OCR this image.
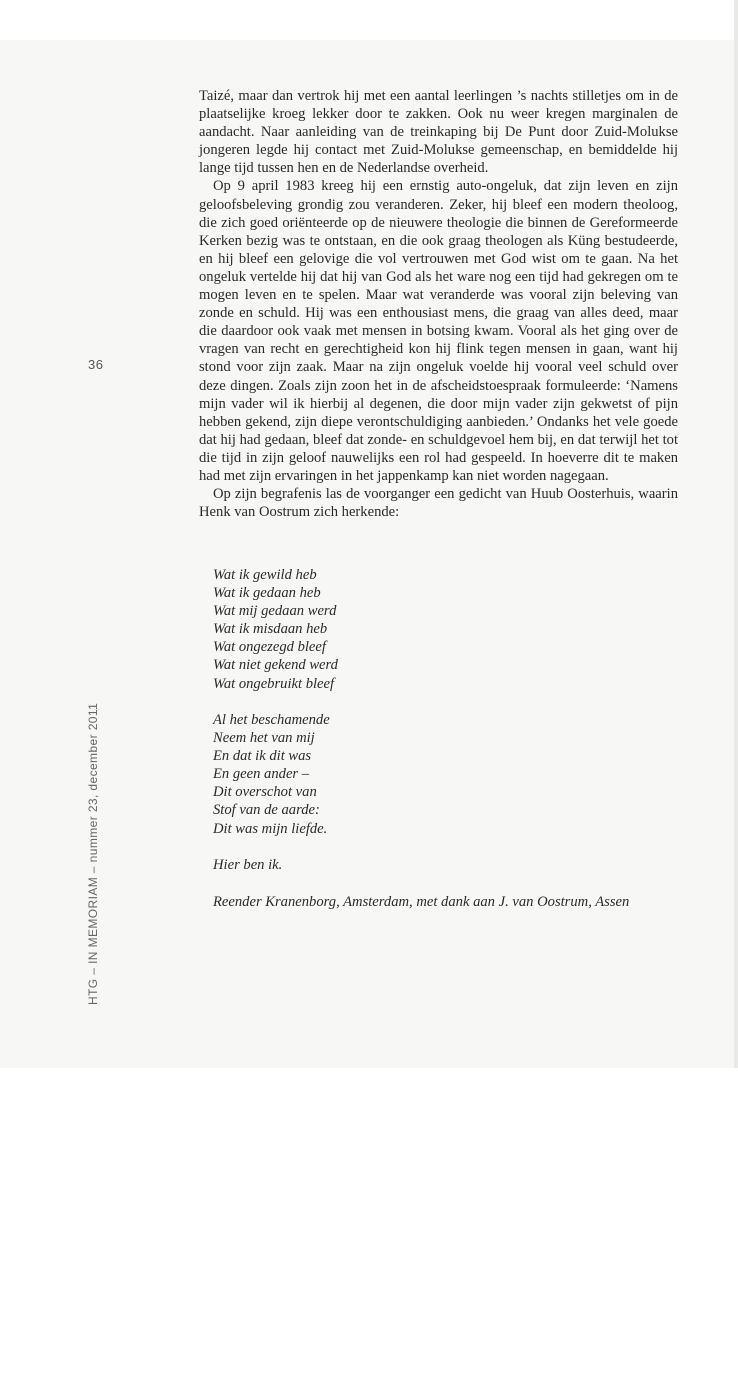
36
HTG – IN MEMORIAM – nummer 23, december 2011

Taizé, maar dan vertrok hij met een aantal leerlingen ’s nachts stilletjes om in de plaatselijke kroeg lekker door te zakken. Ook nu weer kregen marginalen de aandacht. Naar aanleiding van de treinkaping bij De Punt door Zuid-Molukse jongeren legde hij contact met Zuid-Molukse gemeenschap, en bemiddelde hij lange tijd tussen hen en de Nederlandse overheid.

Op 9 april 1983 kreeg hij een ernstig auto-ongeluk, dat zijn leven en zijn geloofsbeleving grondig zou veranderen. Zeker, hij bleef een modern theoloog, die zich goed oriënteerde op de nieuwere theologie die binnen de Gereformeerde Kerken bezig was te ontstaan, en die ook graag theologen als Küng bestudeerde, en hij bleef een gelovige die vol vertrouwen met God wist om te gaan. Na het ongeluk vertelde hij dat hij van God als het ware nog een tijd had gekregen om te mogen leven en te spelen. Maar wat veranderde was vooral zijn beleving van zonde en schuld. Hij was een enthousiast mens, die graag van alles deed, maar die daardoor ook vaak met mensen in botsing kwam. Vooral als het ging over de vragen van recht en gerechtigheid kon hij flink tegen mensen in gaan, want hij stond voor zijn zaak. Maar na zijn ongeluk voelde hij vooral veel schuld over deze dingen. Zoals zijn zoon het in de afscheidstoespraak formuleerde: ‘Namens mijn vader wil ik hierbij al degenen, die door mijn vader zijn gekwetst of pijn hebben gekend, zijn diepe verontschuldiging aanbieden.’ Ondanks het vele goede dat hij had gedaan, bleef dat zonde- en schuldgevoel hem bij, en dat terwijl het tot die tijd in zijn geloof nauwelijks een rol had gespeeld. In hoeverre dit te maken had met zijn ervaringen in het jappenkamp kan niet worden nagegaan.

Op zijn begrafenis las de voorganger een gedicht van Huub Oosterhuis, waarin Henk van Oostrum zich herkende:

Wat ik gewild heb
Wat ik gedaan heb
Wat mij gedaan werd
Wat ik misdaan heb
Wat ongezegd bleef
Wat niet gekend werd
Wat ongebruikt bleef
Al het beschamende
Neem het van mij
En dat ik dit was
En geen ander –
Dit overschot van
Stof van de aarde:
Dit was mijn liefde.
Hier ben ik.
Reender Kranenborg, Amsterdam, met dank aan J. van Oostrum, Assen
